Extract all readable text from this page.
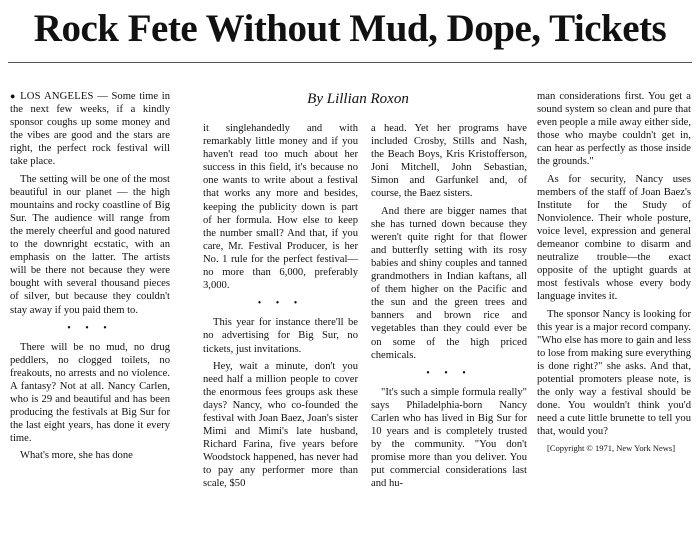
Rock Fete Without Mud, Dope, Tickets
By Lillian Roxon

● LOS ANGELES — Some time in the next few weeks, if a kindly sponsor coughs up some money and the vibes are good and the stars are right, the perfect rock festival will take place.

The setting will be one of the most beautiful in our planet — the high mountains and rocky coastline of Big Sur. The audience will range from the merely cheerful and good natured to the downright ecstatic, with an emphasis on the latter. The artists will be there not because they were bought with several thousand pieces of silver, but because they couldn't stay away if you paid them to.

• • •

There will be no mud, no drug peddlers, no clogged toilets, no freakouts, no arrests and no violence. A fantasy? Not at all. Nancy Carlen, who is 29 and beautiful and has been producing the festivals at Big Sur for the last eight years, has done it every time.

What's more, she has done

it singlehandedly and with remarkably little money and if you haven't read too much about her success in this field, it's because no one wants to write about a festival that works any more and besides, keeping the publicity down is part of her formula. How else to keep the number small? And that, if you care, Mr. Festival Producer, is her No. 1 rule for the perfect festival—no more than 6,000, preferably 3,000.

• • •

This year for instance there'll be no advertising for Big Sur, no tickets, just invitations.

Hey, wait a minute, don't you need half a million people to cover the enormous fees groups ask these days? Nancy, who co-founded the festival with Joan Baez, Joan's sister Mimi and Mimi's late husband, Richard Farina, five years before Woodstock happened, has never had to pay any performer more than scale, $50

a head. Yet her programs have included Crosby, Stills and Nash, the Beach Boys, Kris Kristofferson, Joni Mitchell, John Sebastian, Simon and Garfunkel and, of course, the Baez sisters.

And there are bigger names that she has turned down because they weren't quite right for that flower and butterfly setting with its rosy babies and shiny couples and tanned grandmothers in Indian kaftans, all of them higher on the Pacific and the sun and the green trees and banners and brown rice and vegetables than they could ever be on some of the high priced chemicals.

• • •

"It's such a simple formula really" says Philadelphia-born Nancy Carlen who has lived in Big Sur for 10 years and is completely trusted by the community. "You don't promise more than you deliver. You put commercial considerations last and hu-

man considerations first. You get a sound system so clean and pure that even people a mile away either side, those who maybe couldn't get in, can hear as perfectly as those inside the grounds."

As for security, Nancy uses members of the staff of Joan Baez's Institute for the Study of Nonviolence. Their whole posture, voice level, expression and general demeanor combine to disarm and neutralize trouble—the exact opposite of the uptight guards at most festivals whose every body language invites it.

The sponsor Nancy is looking for this year is a major record company. "Who else has more to gain and less to lose from making sure everything is done right?" she asks. And that, potential promoters please note, is the only way a festival should be done. You wouldn't think you'd need a cute little brunette to tell you that, would you?

[Copyright © 1971, New York News]
